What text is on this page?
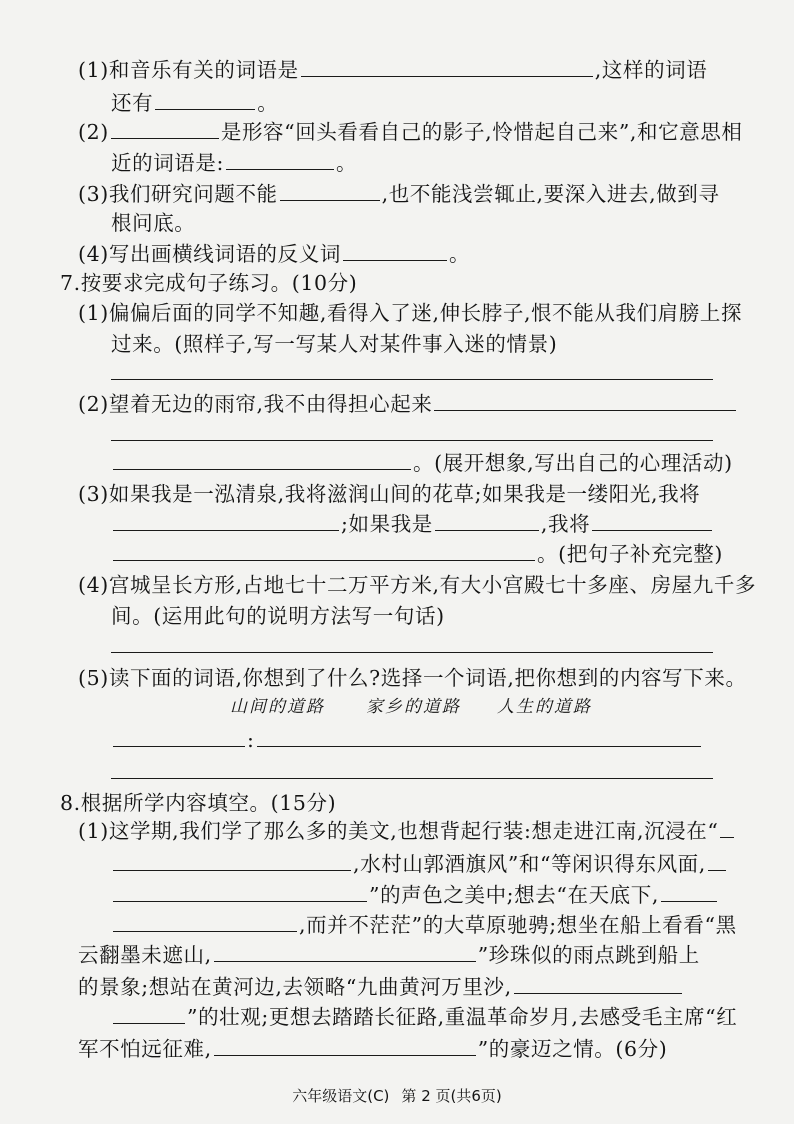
(1)和音乐有关的词语是	,这样的词语
还有	。
(2)	是形容“回头看看自己的影子,怜惜起自己来”,和它意思相
近的词语是:	。
(3)我们研究问题不能	,也不能浅尝辄止,要深入进去,做到寻
根问底。
(4)写出画横线词语的反义词	。
7.按要求完成句子练习。(10分)
(1)偏偏后面的同学不知趣,看得入了迷,伸长脖子,恨不能从我们肩膀上探
过来。(照样子,写一写某人对某件事入迷的情景)
(2)望着无边的雨帘,我不由得担心起来
。(展开想象,写出自己的心理活动)
(3)如果我是一泓清泉,我将滋润山间的花草;如果我是一缕阳光,我将
;如果我是	,我将
。(把句子补充完整)
(4)宫城呈长方形,占地七十二万平方米,有大小宫殿七十多座、房屋九千多
间。(运用此句的说明方法写一句话)
(5)读下面的词语,你想到了什么?选择一个词语,把你想到的内容写下来。
山间的道路 家乡的道路 人生的道路
:
8.根据所学内容填空。(15分)
(1)这学期,我们学了那么多的美文,也想背起行装:想走进江南,沉浸在“
,水村山郭酒旗风”和“等闲识得东风面,
”的声色之美中;想去“在天底下,
,而并不茫茫”的大草原驰骋;想坐在船上看看“黑
云翻墨未遮山,	”珍珠似的雨点跳到船上
的景象;想站在黄河边,去领略“九曲黄河万里沙,
”的壮观;更想去踏踏长征路,重温革命岁月,去感受毛主席“红
军不怕远征难,	”的豪迈之情。(6分)
六年级语文(C) 第 2 页(共6页)
